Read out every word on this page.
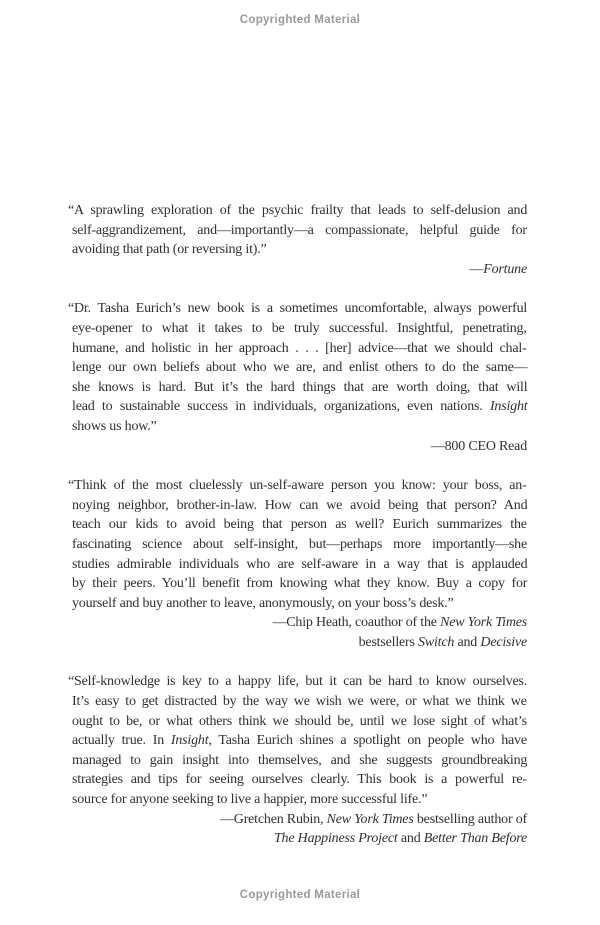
Copyrighted Material
“A sprawling exploration of the psychic frailty that leads to self-delusion and
self-aggrandizement, and—importantly—a compassionate, helpful guide for
avoiding that path (or reversing it).”
—Fortune
“Dr. Tasha Eurich’s new book is a sometimes uncomfortable, always powerful
eye-opener to what it takes to be truly successful. Insightful, penetrating,
humane, and holistic in her approach . . . [her] advice—that we should chal-
lenge our own beliefs about who we are, and enlist others to do the same—
she knows is hard. But it’s the hard things that are worth doing, that will
lead to sustainable success in individuals, organizations, even nations. Insight
shows us how.”
—800 CEO Read
“Think of the most cluelessly un-self-aware person you know: your boss, an-
noying neighbor, brother-in-law. How can we avoid being that person? And
teach our kids to avoid being that person as well? Eurich summarizes the
fascinating science about self-insight, but—perhaps more importantly—she
studies admirable individuals who are self-aware in a way that is applauded
by their peers. You’ll benefit from knowing what they know. Buy a copy for
yourself and buy another to leave, anonymously, on your boss’s desk.”
—Chip Heath, coauthor of the New York Times
bestsellers Switch and Decisive
“Self-knowledge is key to a happy life, but it can be hard to know ourselves.
It’s easy to get distracted by the way we wish we were, or what we think we
ought to be, or what others think we should be, until we lose sight of what’s
actually true. In Insight, Tasha Eurich shines a spotlight on people who have
managed to gain insight into themselves, and she suggests groundbreaking
strategies and tips for seeing ourselves clearly. This book is a powerful re-
source for anyone seeking to live a happier, more successful life.”
—Gretchen Rubin, New York Times bestselling author of
The Happiness Project and Better Than Before
Copyrighted Material
